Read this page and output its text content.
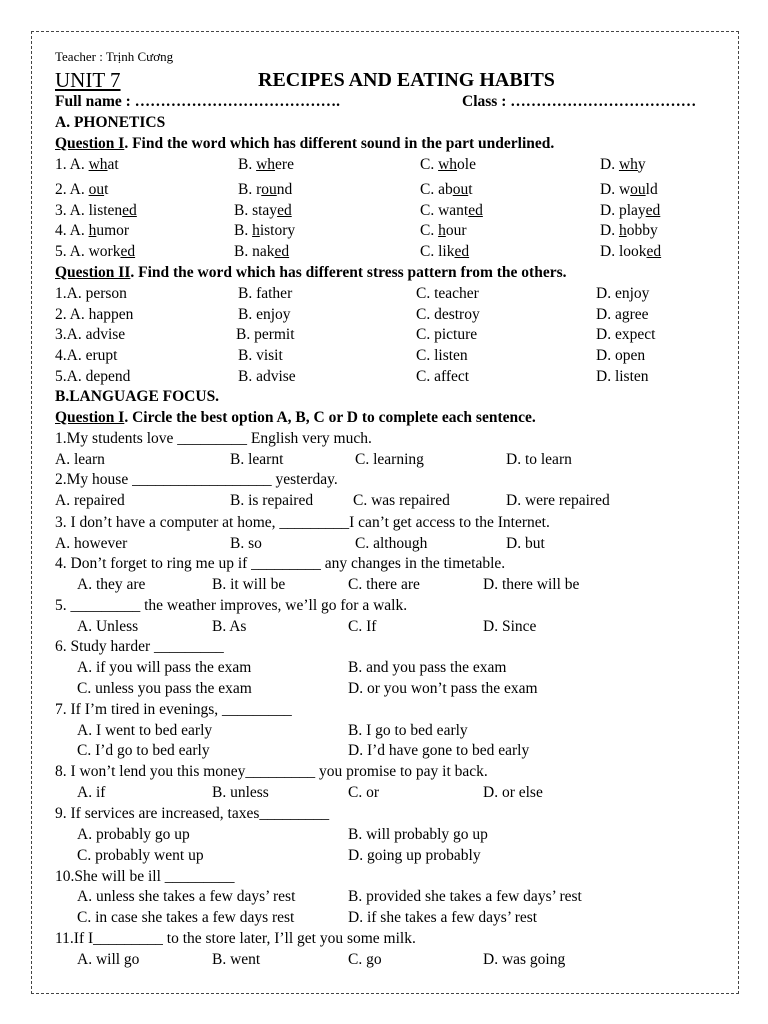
Teacher : Trịnh Cương
UNIT 7	RECIPES AND EATING HABITS
Full name : ………………………………….	Class : ………………………………
A. PHONETICS
Question I. Find the word which has different sound in the part underlined.
1. A. what	B. where	C. whole	D. why
2. A. out	B. round	C. about	D. would
3. A. listened	B. stayed	C. wanted	D. played
4. A. humor	B. history	C. hour	D. hobby
5. A. worked	B. naked	C. liked	D. looked
Question II. Find the word which has different stress pattern from the others.
1.A. person	B. father	C. teacher	D. enjoy
2. A. happen	B. enjoy	C. destroy	D. agree
3.A. advise	B. permit	C. picture	D. expect
4.A. erupt	B. visit	C. listen	D. open
5.A. depend	B. advise	C. affect	D. listen
B.LANGUAGE FOCUS.
Question I. Circle the best option A, B, C or D to complete each sentence.
1.My students love _________ English very much.
A. learn	B. learnt	C. learning	D. to learn
2.My house __________________ yesterday.
A. repaired	B. is repaired	C. was repaired	D. were repaired
3. I don’t have a computer at home, _________I can’t get access to the Internet.
A. however	B. so	C. although	D. but
4. Don’t forget to ring me up if _________ any changes in the timetable.
A. they are	B. it will be	C. there are	D. there will be
5. _________ the weather improves, we’ll go for a walk.
A. Unless	B. As	C. If	D. Since
6. Study harder _________
A. if you will pass the exam	B. and you pass the exam
C. unless you pass the exam	D. or you won’t pass the exam
7. If I’m tired in evenings, _________
A. I went to bed early	B. I go to bed early
C. I’d go to bed early	D. I’d have gone to bed early
8. I won’t lend you this money_________ you promise to pay it back.
A. if	B. unless	C. or	D. or else
9. If services are increased, taxes_________
A. probably go up	B. will probably go up
C. probably went up	D. going up probably
10.She will be ill _________
A. unless she takes a few days’ rest	B. provided she takes a few days’ rest
C. in case she takes a few days rest	D. if she takes a few days’ rest
11.If I_________ to the store later, I’ll get you some milk.
A. will go	B. went	C. go	D. was going
